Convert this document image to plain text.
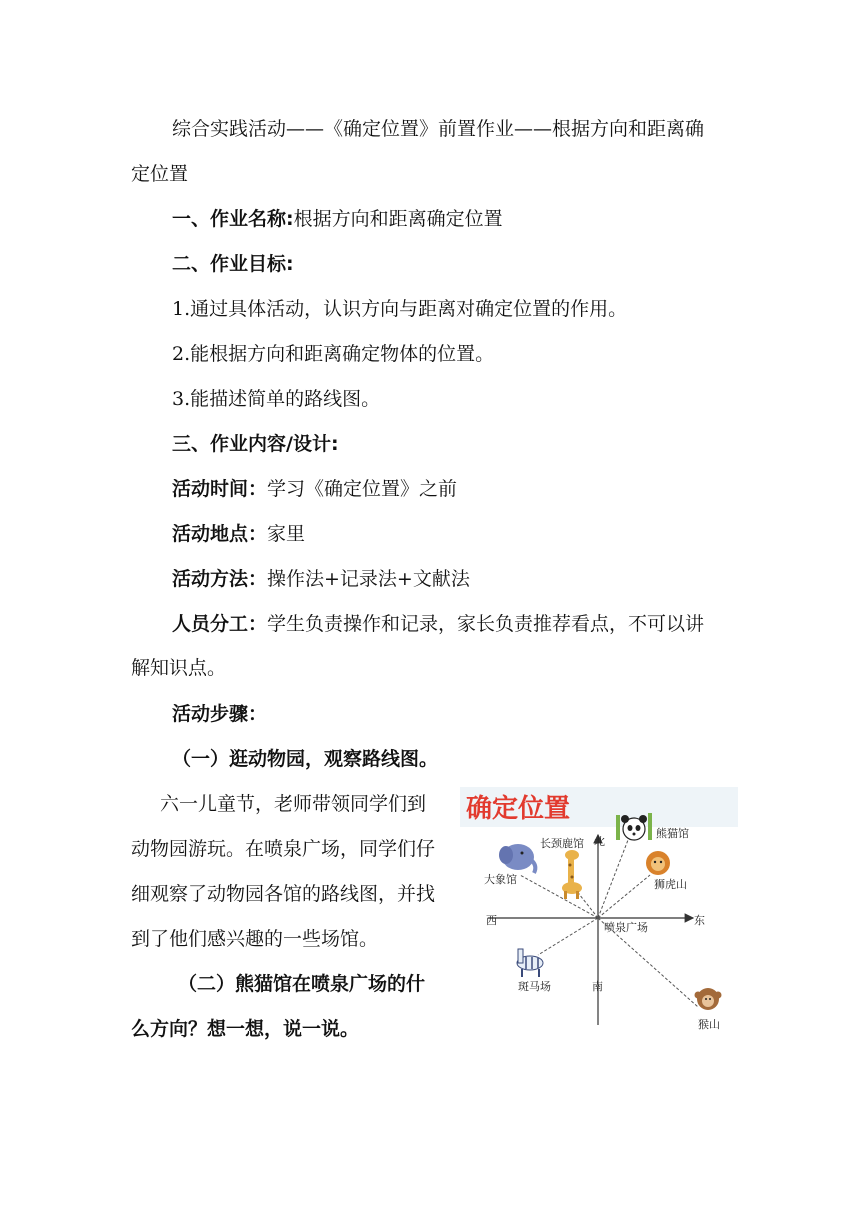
综合实践活动——《确定位置》前置作业——根据方向和距离确
定位置
一、作业名称:根据方向和距离确定位置
二、作业目标:
1.通过具体活动，认识方向与距离对确定位置的作用。
2.能根据方向和距离确定物体的位置。
3.能描述简单的路线图。
三、作业内容/设计:
活动时间：学习《确定位置》之前
活动地点：家里
活动方法：操作法+记录法+文献法
人员分工：学生负责操作和记录，家长负责推荐看点，不可以讲
解知识点。
活动步骤：
（一）逛动物园，观察路线图。
六一儿童节，老师带领同学们到
动物园游玩。在喷泉广场，同学们仔
细观察了动物园各馆的路线图，并找
到了他们感兴趣的一些场馆。
（二）熊猫馆在喷泉广场的什
么方向？想一想，说一说。
确定位置
北
南
东
西
喷泉广场
熊猫馆
长颈鹿馆
大象馆	狮虎山
斑马场
猴山
